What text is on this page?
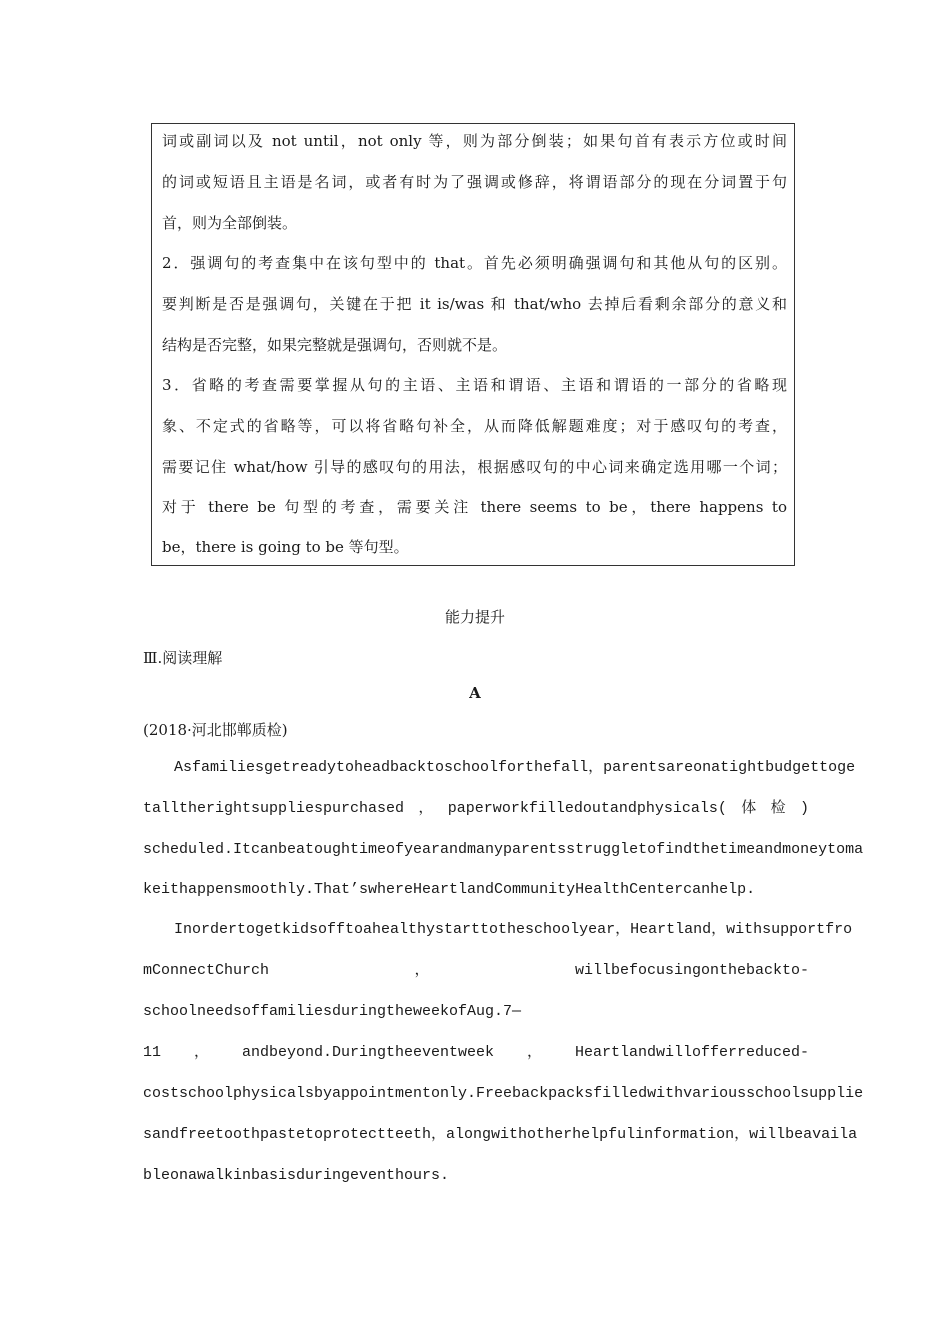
词或副词以及 not until，not only 等，则为部分倒装；如果句首有表示方位或时间
的词或短语且主语是名词，或者有时为了强调或修辞，将谓语部分的现在分词置于句
首，则为全部倒装。
2．强调句的考查集中在该句型中的 that。首先必须明确强调句和其他从句的区别。
要判断是否是强调句，关键在于把 it is/was 和 that/who 去掉后看剩余部分的意义和
结构是否完整，如果完整就是强调句，否则就不是。
3．省略的考查需要掌握从句的主语、主语和谓语、主语和谓语的一部分的省略现
象、不定式的省略等，可以将省略句补全，从而降低解题难度；对于感叹句的考查，
需要记住 what/how 引导的感叹句的用法，根据感叹句的中心词来确定选用哪一个词；
对于 there be 句型的考查，需要关注 there seems to be，there happens to
be，there is going to be 等句型。
能力提升
Ⅲ.阅读理解
A
(2018·河北邯郸质检)
Asfamiliesgetreadytoheadbacktoschoolforthefall，parentsareonatightbudgettoge
talltherightsuppliespurchased，paperworkfilledoutandphysicals(体检)
scheduled.Itcanbeatoughtimeofyearandmanyparentsstruggletofindthetimeandmoneytoma
keithappensmoothly.That’swhereHeartlandCommunityHealthCentercanhelp.
Inordertogetkidsofftoahealthystarttotheschoolyear，Heartland，withsupportfro
mConnectChurch，willbefocusingonthebackto-
schoolneedsoffamiliesduringtheweekofAug.7—
11，andbeyond.Duringtheeventweek，Heartlandwillofferreduced-
costschoolphysicalsbyappointmentonly.Freebackpacksfilledwithvariousschoolsupplie
sandfreetoothpastetoprotectteeth，alongwithotherhelpfulinformation，willbeavaila
bleonawalkinbasisduringeventhours.
